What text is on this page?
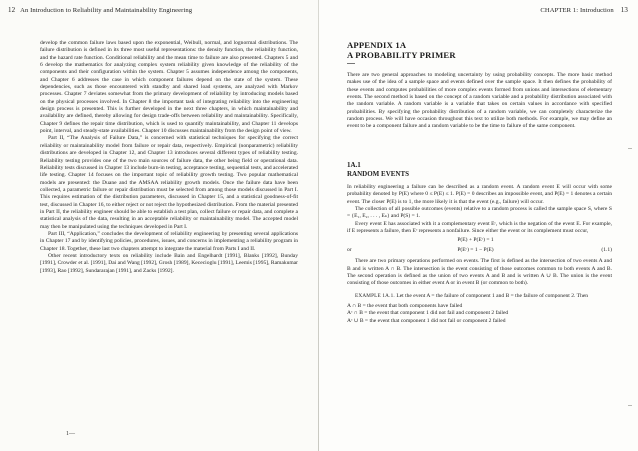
12 An Introduction to Reliability and Maintainability Engineering

develop the common failure laws based upon the exponential, Weibull, normal, and lognormal distributions. The failure distribution is defined in its three most useful representations: the density function, the reliability function, and the hazard rate function. Conditional reliability and the mean time to failure are also presented. Chapters 5 and 6 develop the mathematics for analyzing complex system reliability given knowledge of the reliability of the components and their configuration within the system. Chapter 5 assumes independence among the components, and Chapter 6 addresses the case in which component failures depend on the state of the system. These dependencies, such as those encountered with standby and shared load systems, are analyzed with Markov processes. Chapter 7 deviates somewhat from the primary development of reliability by introducing models based on the physical processes involved. In Chapter 8 the important task of integrating reliability into the engineering design process is presented. This is further developed in the next three chapters, in which maintainability and availability are defined, thereby allowing for design trade-offs between reliability and maintainability. Specifically, Chapter 9 defines the repair time distribution, which is used to quantify maintainability, and Chapter 11 develops point, interval, and steady-state availabilities. Chapter 10 discusses maintainability from the design point of view.

Part II, “The Analysis of Failure Data,” is concerned with statistical techniques for specifying the correct reliability or maintainability model from failure or repair data, respectively. Empirical (nonparametric) reliability distributions are developed in Chapter 12, and Chapter 13 introduces several different types of reliability testing. Reliability testing provides one of the two main sources of failure data, the other being field or operational data. Reliability tests discussed in Chapter 13 include burn-in testing, acceptance testing, sequential tests, and accelerated life testing. Chapter 14 focuses on the important topic of reliability growth testing. Two popular mathematical models are presented: the Duane and the AMSAA reliability growth models. Once the failure data have been collected, a parametric failure or repair distribution must be selected from among those models discussed in Part I. This requires estimation of the distribution parameters, discussed in Chapter 15, and a statistical goodness-of-fit test, discussed in Chapter 16, to either reject or not reject the hypothesized distribution. From the material presented in Part II, the reliability engineer should be able to establish a test plan, collect failure or repair data, and complete a statistical analysis of the data, resulting in an acceptable reliability or maintainability model. The accepted model may then be manipulated using the techniques developed in Part I.

Part III, “Application,” concludes the development of reliability engineering by presenting several applications in Chapter 17 and by identifying policies, procedures, issues, and concerns in implementing a reliability program in Chapter 18. Together, these last two chapters attempt to integrate the material from Parts I and II.

Other recent introductory texts on reliability include Bain and Engelhardt [1991], Blanks [1992], Bunday [1991], Crowder et al. [1991], Dai and Wang [1992], Grosh [1989], Kececioglu [1991], Leemis [1995], Ramakumar [1993], Rao [1992], Sundararajan [1991], and Zacks [1992].

1—
CHAPTER 1: Introduction 13
APPENDIX 1A
A PROBABILITY PRIMER

There are two general approaches to modeling uncertainty by using probability concepts. The more basic method makes use of the idea of a sample space and events defined over the sample space. It then defines the probability of these events and computes probabilities of more complex events formed from unions and intersections of elementary events. The second method is based on the concept of a random variable and a probability distribution associated with the random variable. A random variable is a variable that takes on certain values in accordance with specified probabilities. By specifying the probability distribution of a random variable, we can completely characterize the random process. We will have occasion throughout this text to utilize both methods. For example, we may define an event to be a component failure and a random variable to be the time to failure of the same component.

1A.1
RANDOM EVENTS

In reliability engineering a failure can be described as a random event. A random event E will occur with some probability denoted by P(E) where 0 ≤ P(E) ≤ 1. P(E) = 0 describes an impossible event, and P(E) = 1 denotes a certain event. The closer P(E) is to 1, the more likely it is that the event (e.g., failure) will occur.

The collection of all possible outcomes (events) relative to a random process is called the sample space S, where S = {E₁, E₂, . . . , Eₖ} and P(S) = 1.

Every event E has associated with it a complementary event Eᶜ, which is the negation of the event E. For example, if E represents a failure, then Eᶜ represents a nonfailure. Since either the event or its complement must occur,

P(E) + P(Eᶜ) = 1
or	P(Eᶜ) = 1 − P(E)	(1.1)

There are two primary operations performed on events. The first is defined as the intersection of two events A and B and is written A ∩ B. The intersection is the event consisting of those outcomes common to both events A and B. The second operation is defined as the union of two events A and B and is written A ∪ B. The union is the event consisting of those outcomes in either event A or in event B (or common to both).

EXAMPLE 1A.1. Let the event A = the failure of component 1 and B = the failure of component 2. Then

A ∩ B = the event that both components have failed

Aᶜ ∩ B = the event that component 1 did not fail and component 2 failed

Aᶜ ∪ B = the event that component 1 did not fail or component 2 failed
